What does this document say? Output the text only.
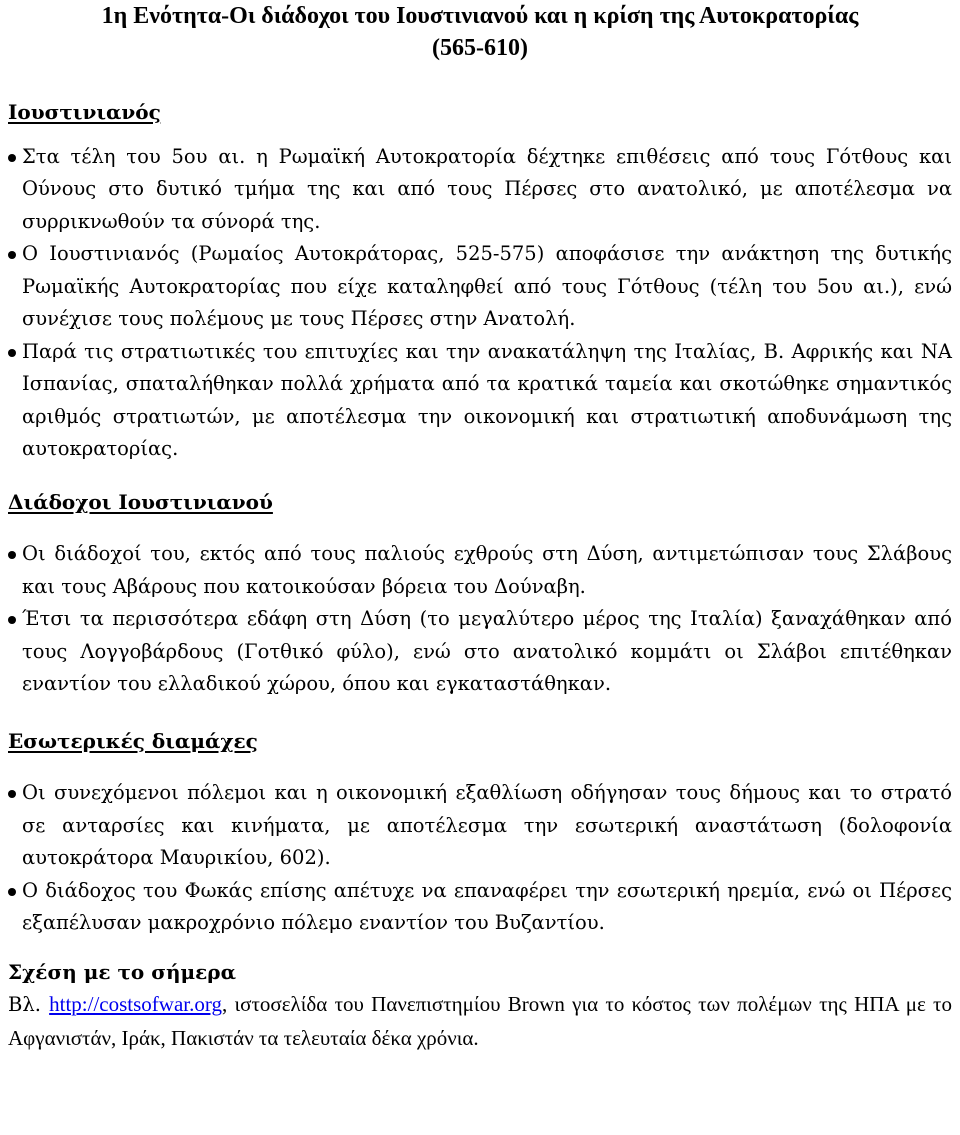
1η Ενότητα-Οι διάδοχοι του Ιουστινιανού και η κρίση της Αυτοκρατορίας
(565-610)
Ιουστινιανός
Στα τέλη του 5ου αι. η Ρωμαϊκή Αυτοκρατορία δέχτηκε επιθέσεις από τους Γότθους και Ούνους στο δυτικό τμήμα της και από τους Πέρσες στο ανατολικό, με αποτέλεσμα να συρρικνωθούν τα σύνορά της.
Ο Ιουστινιανός (Ρωμαίος Αυτοκράτορας, 525-575) αποφάσισε την ανάκτηση της δυτικής Ρωμαϊκής Αυτοκρατορίας που είχε καταληφθεί από τους Γότθους (τέλη του 5ου αι.), ενώ συνέχισε τους πολέμους με τους Πέρσες στην Ανατολή.
Παρά τις στρατιωτικές του επιτυχίες και την ανακατάληψη της Ιταλίας, Β. Αφρικής και ΝΑ Ισπανίας, σπαταλήθηκαν πολλά χρήματα από τα κρατικά ταμεία και σκοτώθηκε σημαντικός αριθμός στρατιωτών, με αποτέλεσμα την οικονομική και στρατιωτική αποδυνάμωση της αυτοκρατορίας.
Διάδοχοι Ιουστινιανού
Οι διάδοχοί του, εκτός από τους παλιούς εχθρούς στη Δύση, αντιμετώπισαν τους Σλάβους και τους Αβάρους που κατοικούσαν βόρεια του Δούναβη.
Έτσι τα περισσότερα εδάφη στη Δύση (το μεγαλύτερο μέρος της Ιταλία) ξαναχάθηκαν από τους Λογγοβάρδους (Γοτθικό φύλο), ενώ στο ανατολικό κομμάτι οι Σλάβοι επιτέθηκαν εναντίον του ελλαδικού χώρου, όπου και εγκαταστάθηκαν.
Εσωτερικές διαμάχες
Οι συνεχόμενοι πόλεμοι και η οικονομική εξαθλίωση οδήγησαν τους δήμους και το στρατό σε ανταρσίες και κινήματα, με αποτέλεσμα την εσωτερική αναστάτωση (δολοφονία αυτοκράτορα Μαυρικίου, 602).
Ο διάδοχος του Φωκάς επίσης απέτυχε να επαναφέρει την εσωτερική ηρεμία, ενώ οι Πέρσες εξαπέλυσαν μακροχρόνιο πόλεμο εναντίον του Βυζαντίου.
Σχέση με το σήμερα

Βλ. http://costsofwar.org, ιστοσελίδα του Πανεπιστημίου Brown για το κόστος των πολέμων της ΗΠΑ με το Αφγανιστάν, Ιράκ, Πακιστάν τα τελευταία δέκα χρόνια.
